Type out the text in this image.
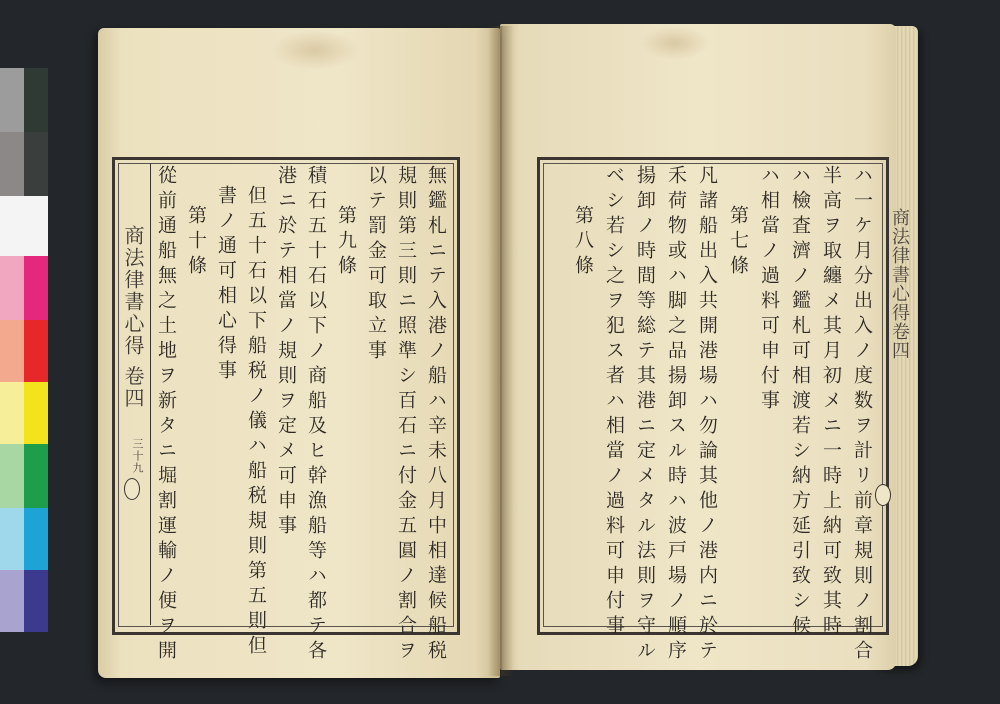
商法律書心得 卷四
三十九	無鑑札ニテ入港ノ船ハ辛未八月中相達候船税
規則第三則ニ照準シ百石ニ付金五圓ノ割合ヲ
以テ罰金可取立事
第九條
積石五十石以下ノ商船及ヒ幹漁船等ハ都テ各
港ニ於テ相當ノ規則ヲ定メ可申事
但五十石以下船税ノ儀ハ船税規則第五則但
書ノ通可相心得事
第十條
從前通船無之土地ヲ新タニ堀割運輸ノ便ヲ開	ハ一ケ月分出入ノ度数ヲ計リ前章規則ノ割合
半高ヲ取纏メ其月初メニ一時上納可致其時
ハ檢査濟ノ鑑札可相渡若シ納方延引致シ候
ハ相當ノ過料可申付事
第七條
凡諸船出入共開港場ハ勿論其他ノ港内ニ於テ
禾荷物或ハ脚之品揚卸スル時ハ波戸場ノ順序
揚卸ノ時間等総テ其港ニ定メタル法則ヲ守ル
ベシ若シ之ヲ犯ス者ハ相當ノ過料可申付事
第八條	商法律書心得卷四
